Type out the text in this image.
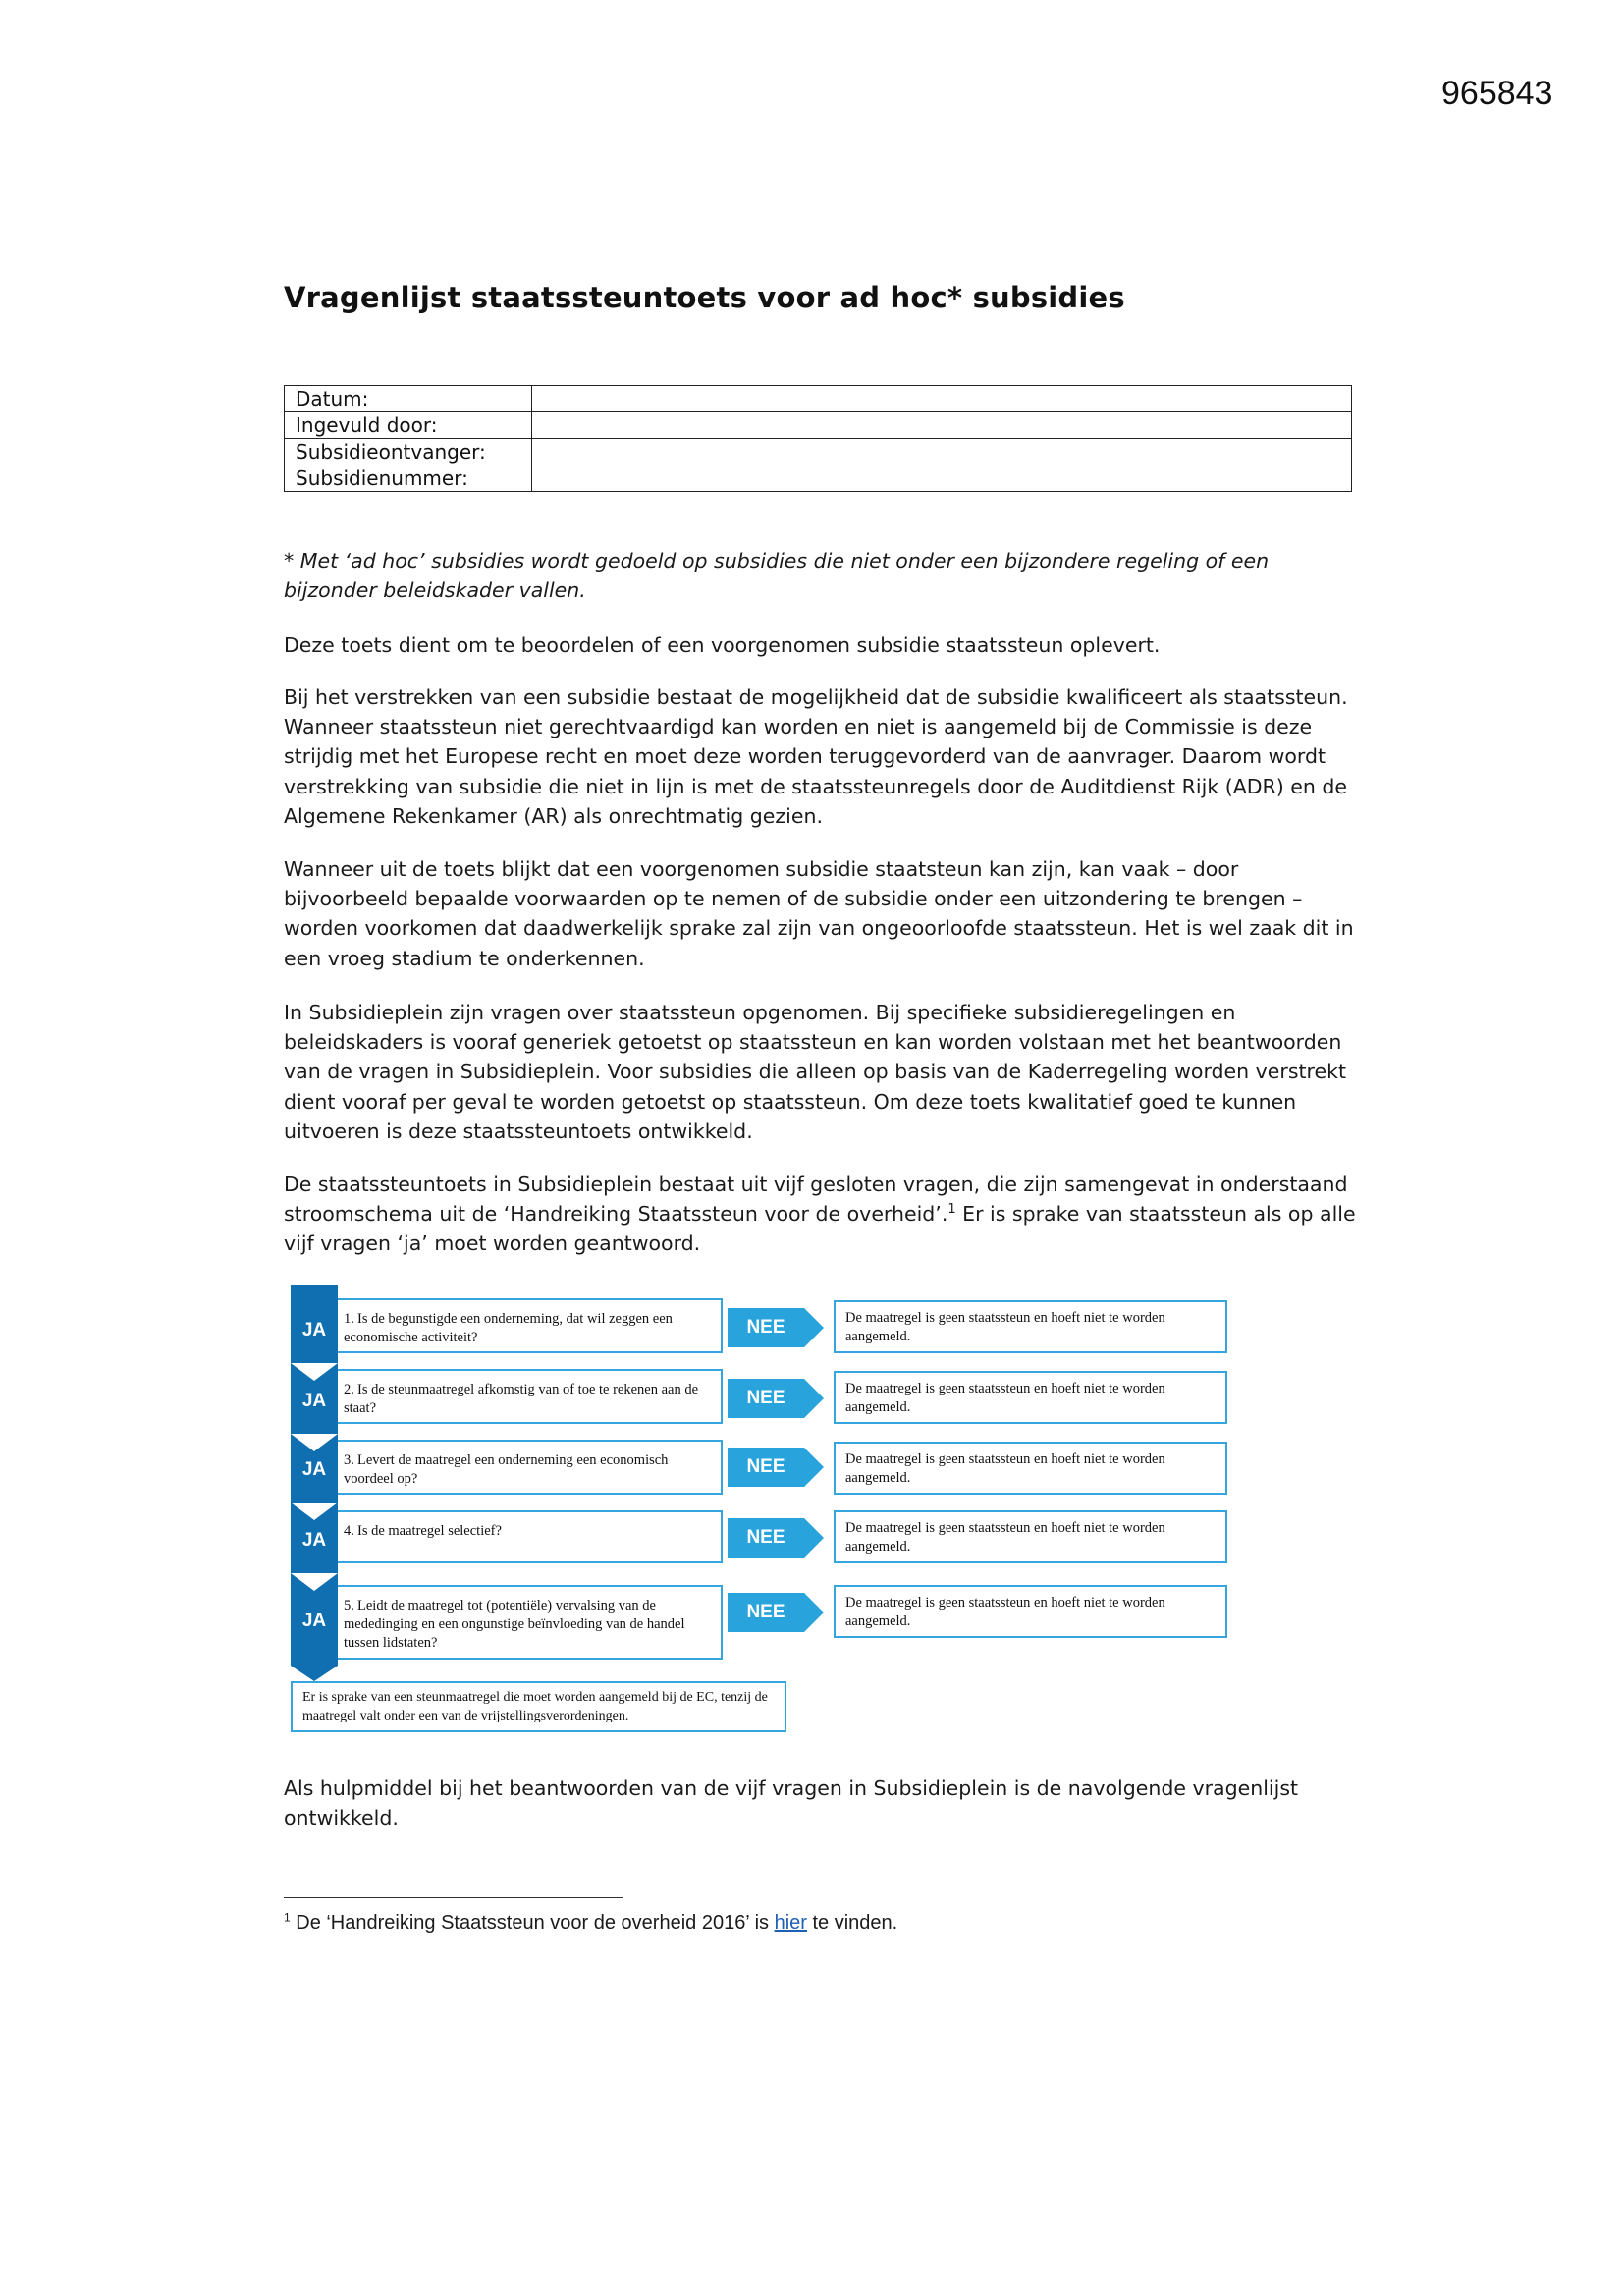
965843
Vragenlijst staatssteuntoets voor ad hoc* subsidies
Datum:	
Ingevuld door:	
Subsidieontvanger:	
Subsidienummer:	

* Met ‘ad hoc’ subsidies wordt gedoeld op subsidies die niet onder een bijzondere regeling of een bijzonder beleidskader vallen.

Deze toets dient om te beoordelen of een voorgenomen subsidie staatssteun oplevert.

Bij het verstrekken van een subsidie bestaat de mogelijkheid dat de subsidie kwalificeert als staatssteun. Wanneer staatssteun niet gerechtvaardigd kan worden en niet is aangemeld bij de Commissie is deze strijdig met het Europese recht en moet deze worden teruggevorderd van de aanvrager. Daarom wordt verstrekking van subsidie die niet in lijn is met de staatssteunregels door de Auditdienst Rijk (ADR) en de Algemene Rekenkamer (AR) als onrechtmatig gezien.

Wanneer uit de toets blijkt dat een voorgenomen subsidie staatsteun kan zijn, kan vaak – door bijvoorbeeld bepaalde voorwaarden op te nemen of de subsidie onder een uitzondering te brengen – worden voorkomen dat daadwerkelijk sprake zal zijn van ongeoorloofde staatssteun. Het is wel zaak dit in een vroeg stadium te onderkennen.

In Subsidieplein zijn vragen over staatssteun opgenomen. Bij specifieke subsidieregelingen en beleidskaders is vooraf generiek getoetst op staatssteun en kan worden volstaan met het beantwoorden van de vragen in Subsidieplein. Voor subsidies die alleen op basis van de Kaderregeling worden verstrekt dient vooraf per geval te worden getoetst op staatssteun. Om deze toets kwalitatief goed te kunnen uitvoeren is deze staatssteuntoets ontwikkeld.

De staatssteuntoets in Subsidieplein bestaat uit vijf gesloten vragen, die zijn samengevat in onderstaand stroomschema uit de ‘Handreiking Staatssteun voor de overheid’.$^1$ Er is sprake van staatssteun als op alle vijf vragen ‘ja’ moet worden geantwoord.

JA
1. Is de begunstigde een onderneming, dat wil zeggen een economische activiteit?	NEE	De maatregel is geen staatssteun en hoeft niet te worden aangemeld.
JA
2. Is de steunmaatregel afkomstig van of toe te rekenen aan de staat?	NEE	De maatregel is geen staatssteun en hoeft niet te worden aangemeld.
JA	3. Levert de maatregel een onderneming een economisch voordeel op?
NEE	De maatregel is geen staatssteun en hoeft niet te worden aangemeld.
JA	4. Is de maatregel selectief?	NEE	De maatregel is geen staatssteun en hoeft niet te worden aangemeld.
JA
5. Leidt de maatregel tot (potentiële) vervalsing van de mededinging en een ongunstige beïnvloeding van de handel tussen lidstaten?
NEE	De maatregel is geen staatssteun en hoeft niet te worden aangemeld.
Er is sprake van een steunmaatregel die moet worden aangemeld bij de EC, tenzij de maatregel valt onder een van de vrijstellingsverordeningen.

Als hulpmiddel bij het beantwoorden van de vijf vragen in Subsidieplein is de navolgende vragenlijst ontwikkeld.

$^1$ De ‘Handreiking Staatssteun voor de overheid 2016’ is hier te vinden.
